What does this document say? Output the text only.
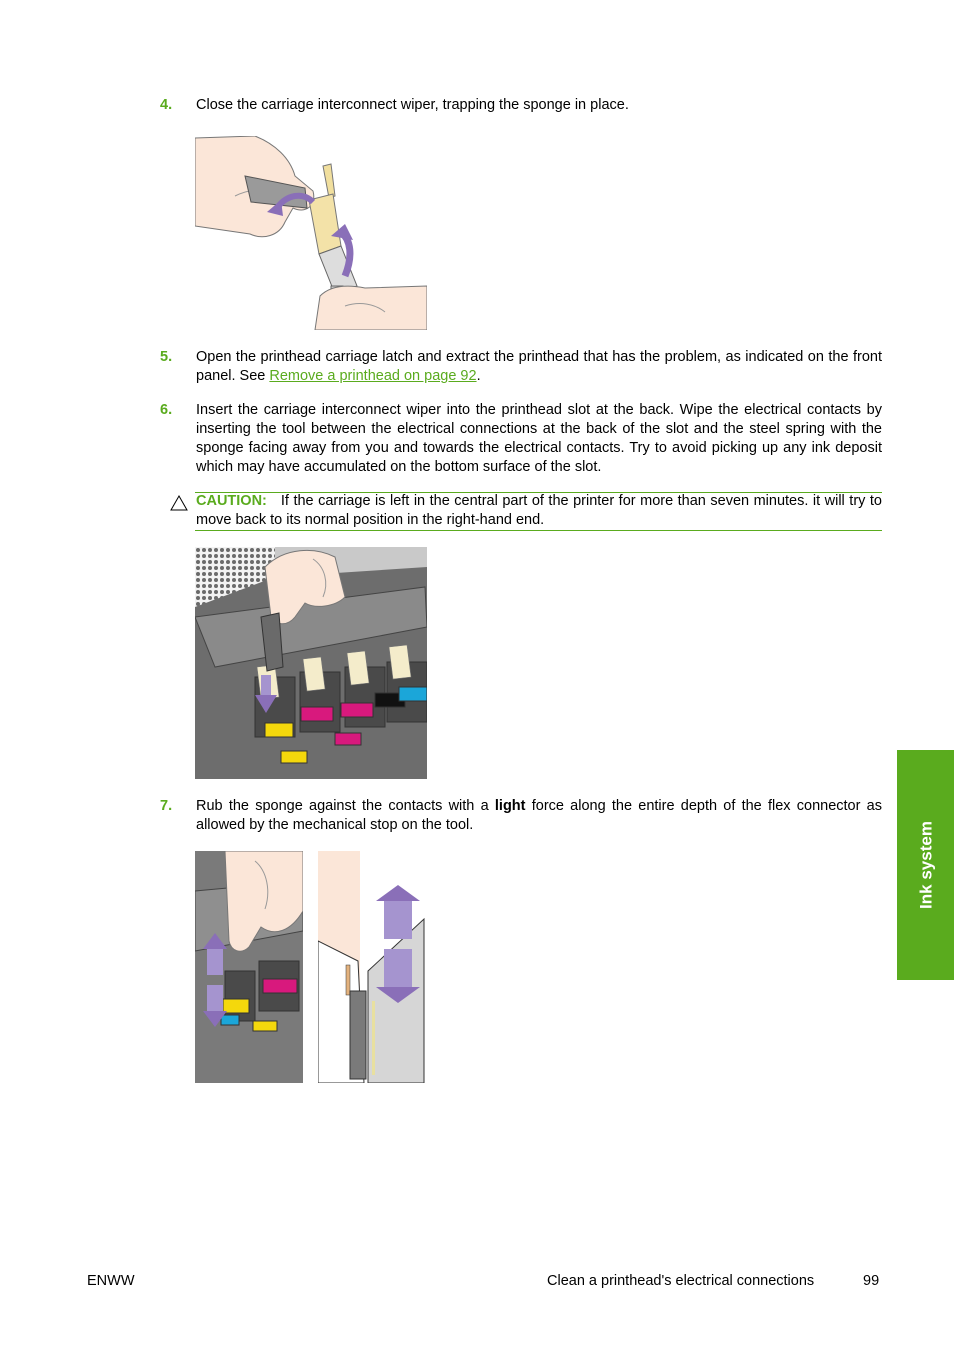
4. Close the carriage interconnect wiper, trapping the sponge in place.
5. Open the printhead carriage latch and extract the printhead that has the problem, as indicated on the front panel. See Remove a printhead on page 92.
6. Insert the carriage interconnect wiper into the printhead slot at the back. Wipe the electrical contacts by inserting the tool between the electrical connections at the back of the slot and the steel spring with the sponge facing away from you and towards the electrical contacts. Try to avoid picking up any ink deposit which may have accumulated on the bottom surface of the slot.
CAUTION: If the carriage is left in the central part of the printer for more than seven minutes. it will try to move back to its normal position in the right-hand end.
7. Rub the sponge against the contacts with a light force along the entire depth of the flex connector as allowed by the mechanical stop on the tool.	Ink system
ENWW	Clean a printhead's electrical connections	99
